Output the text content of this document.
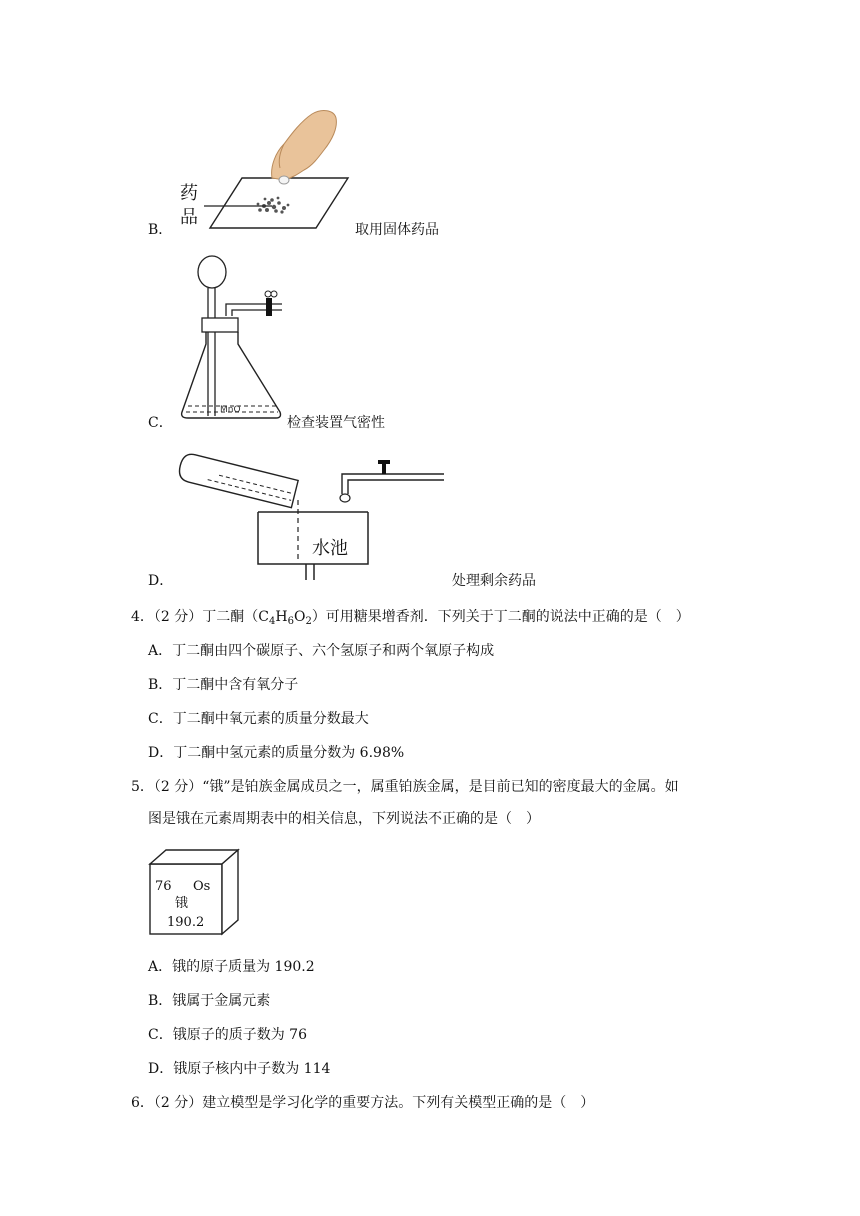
B．
药
品
取用固体药品
C．
MnO
检查装置气密性
D．
水池
处理剩余药品
4．（2 分）丁二酮$(C_4H_6O_2)$可用糖果增香剂．下列关于丁二酮的说法中正确的是（　）
A．丁二酮由四个碳原子、六个氢原子和两个氧原子构成
B．丁二酮中含有氧分子
C．丁二酮中氧元素的质量分数最大
D．丁二酮中氢元素的质量分数为 6.98%
5．（2 分）“锇”是铂族金属成员之一，属重铂族金属，是目前已知的密度最大的金属。如
图是锇在元素周期表中的相关信息，下列说法不正确的是（　）
76 Os
锇
190.2
A．锇的原子质量为 190.2
B．锇属于金属元素
C．锇原子的质子数为 76
D．锇原子核内中子数为 114
6．（2 分）建立模型是学习化学的重要方法。下列有关模型正确的是（　）
